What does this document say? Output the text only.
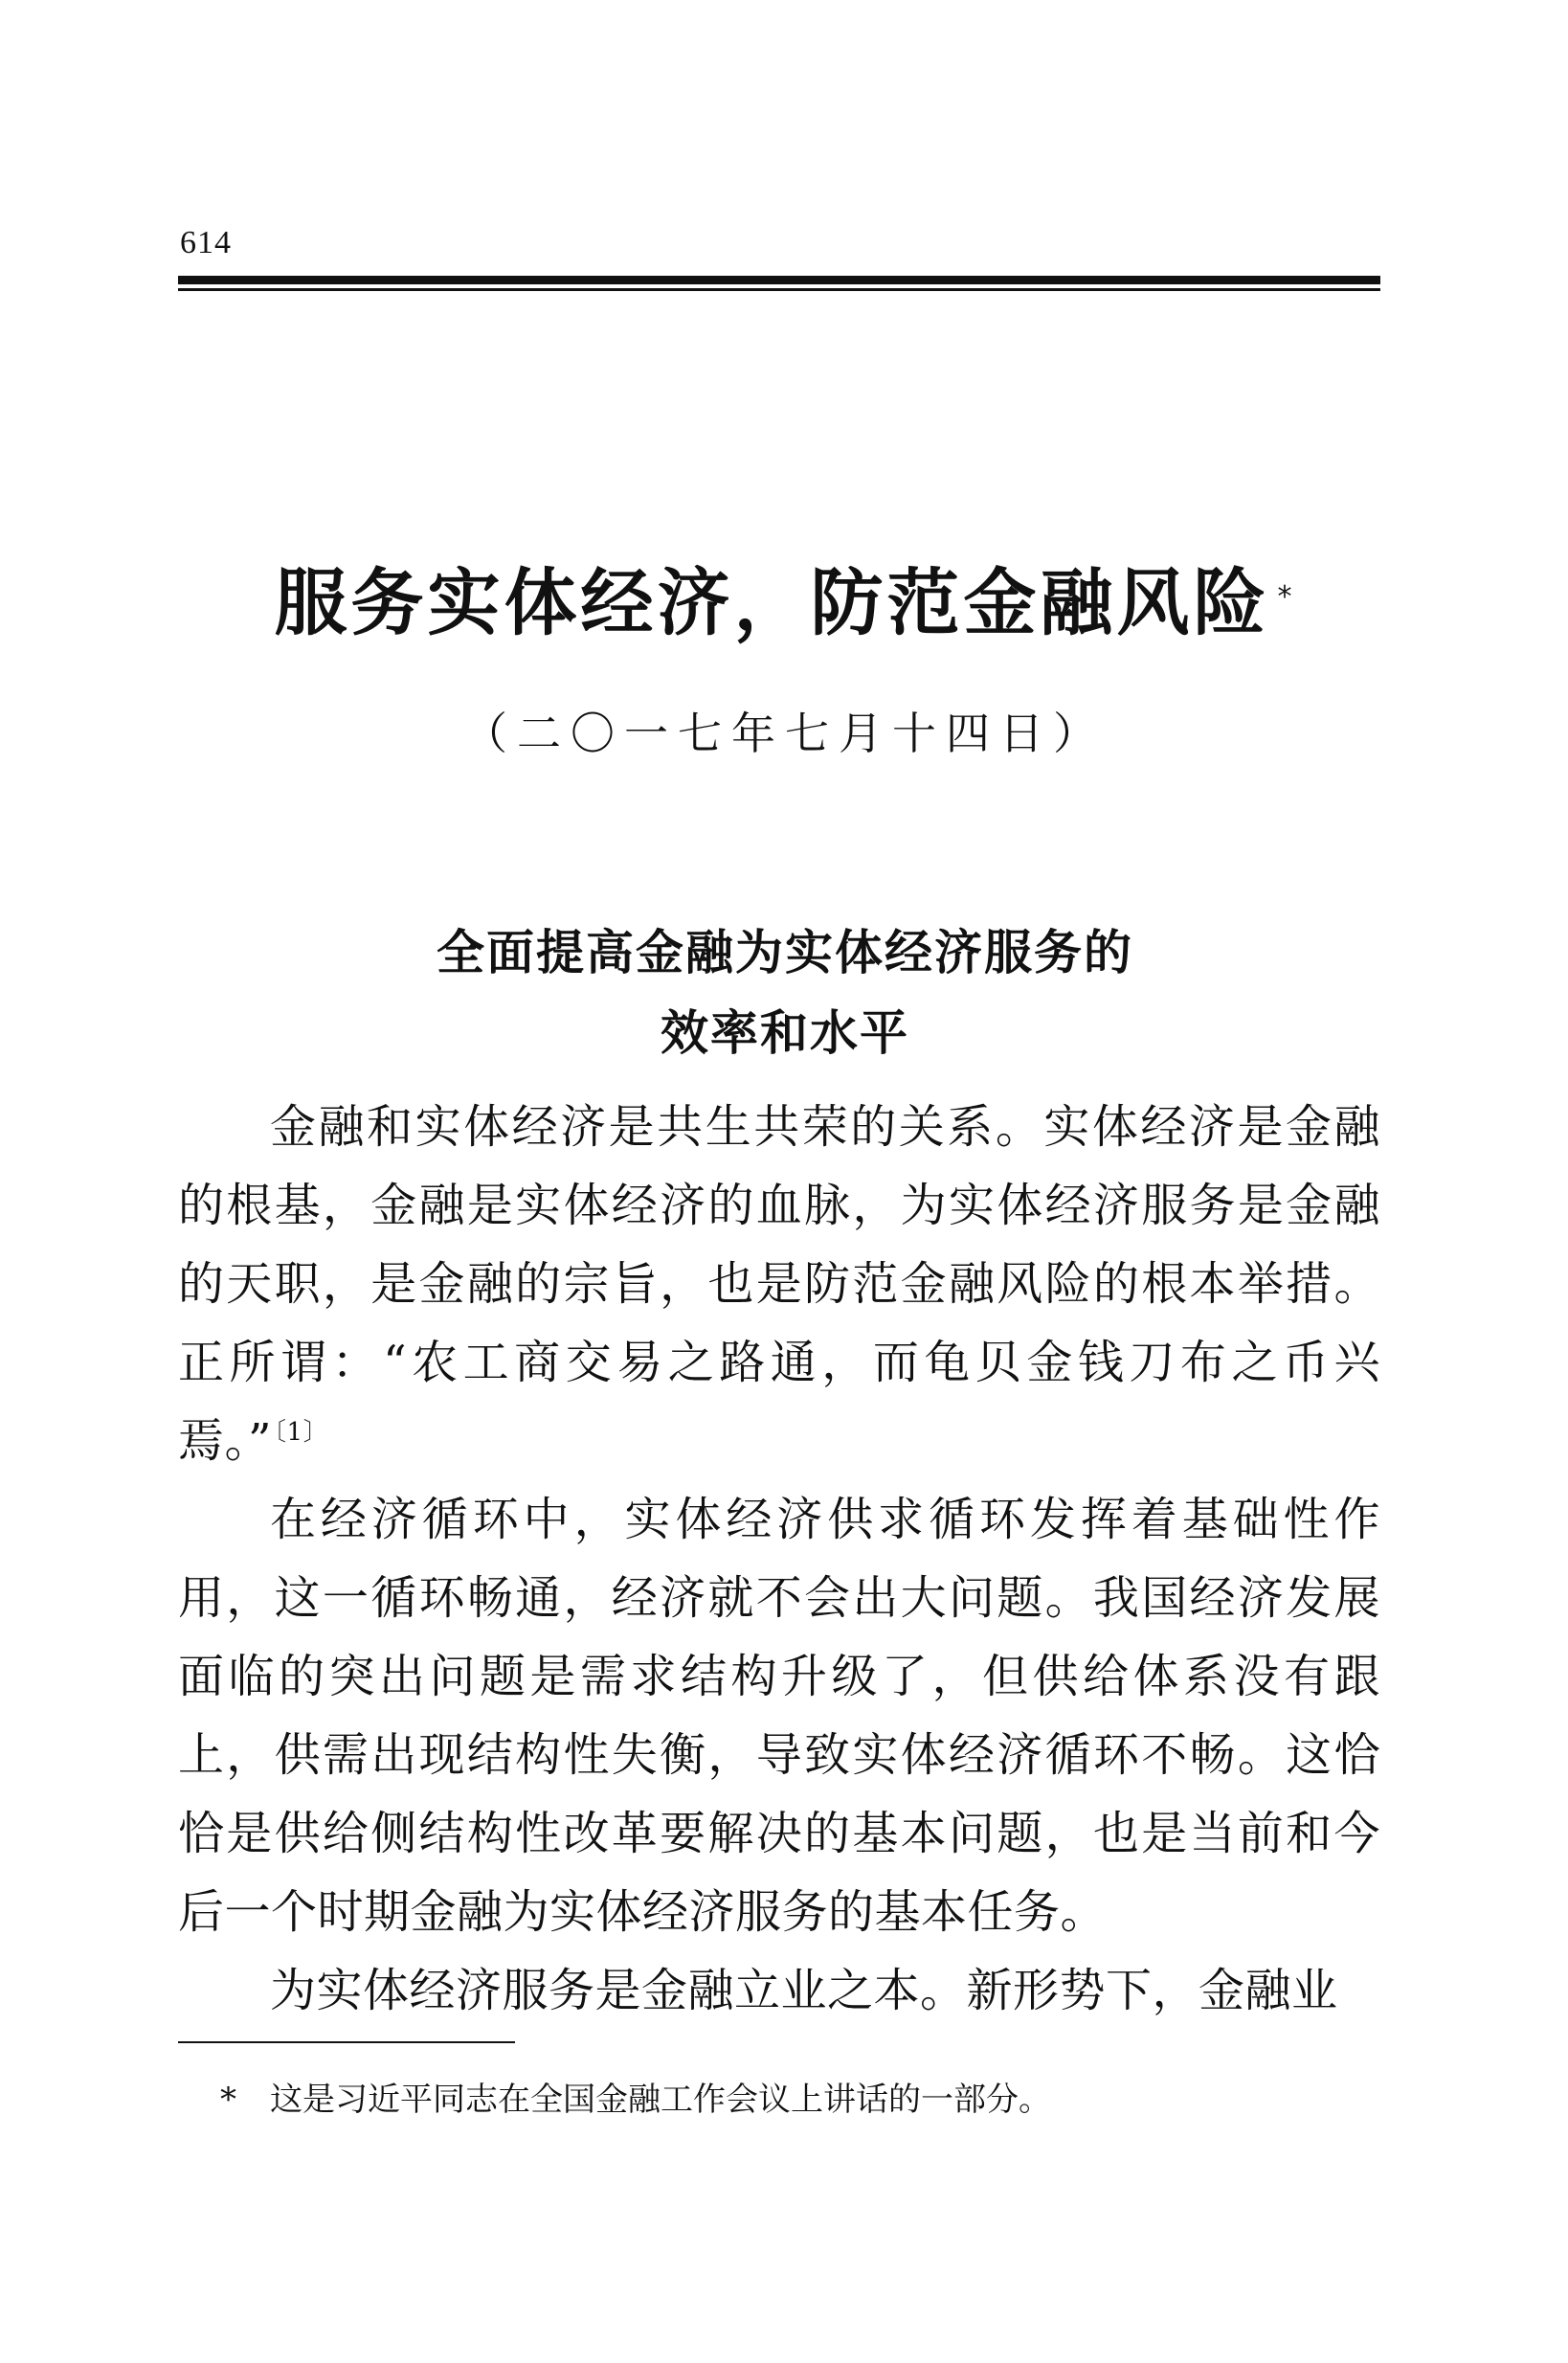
614
服务实体经济，防范金融风险 *
（二〇一七年七月十四日）
全面提高金融为实体经济服务的
效率和水平

金融和实体经济是共生共荣的关系。实体经济是金融的根基，金融是实体经济的血脉，为实体经济服务是金融的天职，是金融的宗旨，也是防范金融风险的根本举措。正所谓：“农工商交易之路通，而龟贝金钱刀布之币兴焉。”$^{〔1〕}$

在经济循环中，实体经济供求循环发挥着基础性作用，这一循环畅通，经济就不会出大问题。我国经济发展面临的突出问题是需求结构升级了，但供给体系没有跟上，供需出现结构性失衡，导致实体经济循环不畅。这恰恰是供给侧结构性改革要解决的基本问题，也是当前和今后一个时期金融为实体经济服务的基本任务。

为实体经济服务是金融立业之本。新形势下，金融业

* 这是习近平同志在全国金融工作会议上讲话的一部分。
